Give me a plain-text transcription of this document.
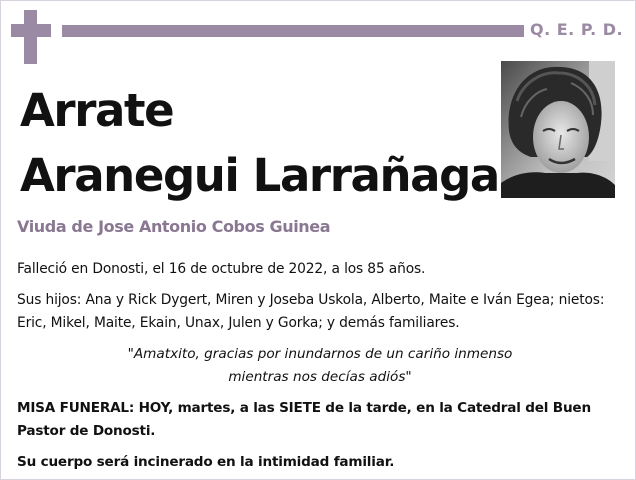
Q. E. P. D.
Arrate
Aranegui Larrañaga

Viuda de Jose Antonio Cobos Guinea

Falleció en Donosti, el 16 de octubre de 2022, a los 85 años.

Sus hijos: Ana y Rick Dygert, Miren y Joseba Uskola, Alberto, Maite e Iván Egea; nietos: Eric, Mikel, Maite, Ekain, Unax, Julen y Gorka; y demás familiares.

"Amatxito, gracias por inundarnos de un cariño inmenso
mientras nos decías adiós"

MISA FUNERAL: HOY, martes, a las SIETE de la tarde, en la Catedral del Buen Pastor de Donosti.

Su cuerpo será incinerado en la intimidad familiar.
